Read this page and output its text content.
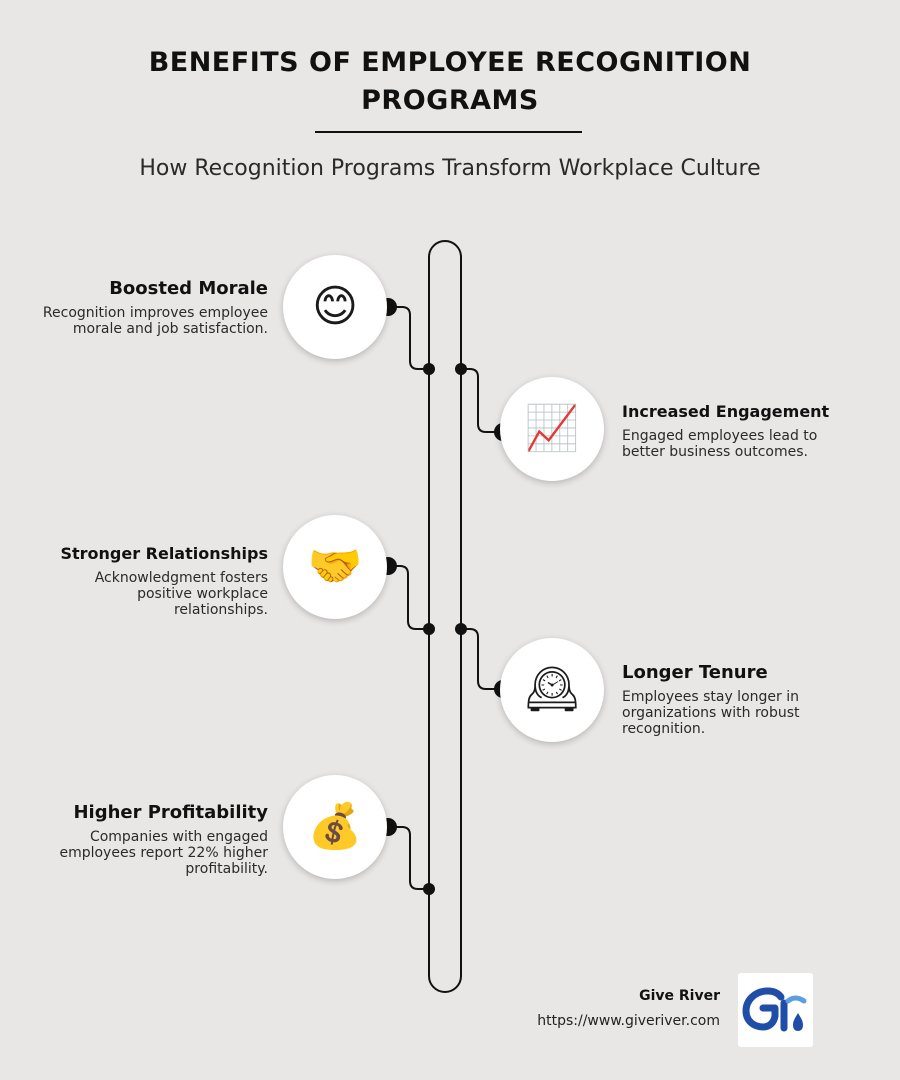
BENEFITS OF EMPLOYEE RECOGNITION PROGRAMS
How Recognition Programs Transform Workplace Culture
😊
Boosted Morale
Recognition improves employee morale and job satisfaction.
📈	Increased Engagement
Engaged employees lead to better business outcomes.
🤝
Stronger Relationships
Acknowledgment fosters positive workplace relationships.
🕰	Longer Tenure
Employees stay longer in organizations with robust recognition.
💰
Higher Profitability
Companies with engaged employees report 22% higher profitability.
Give River
https://www.giveriver.com
